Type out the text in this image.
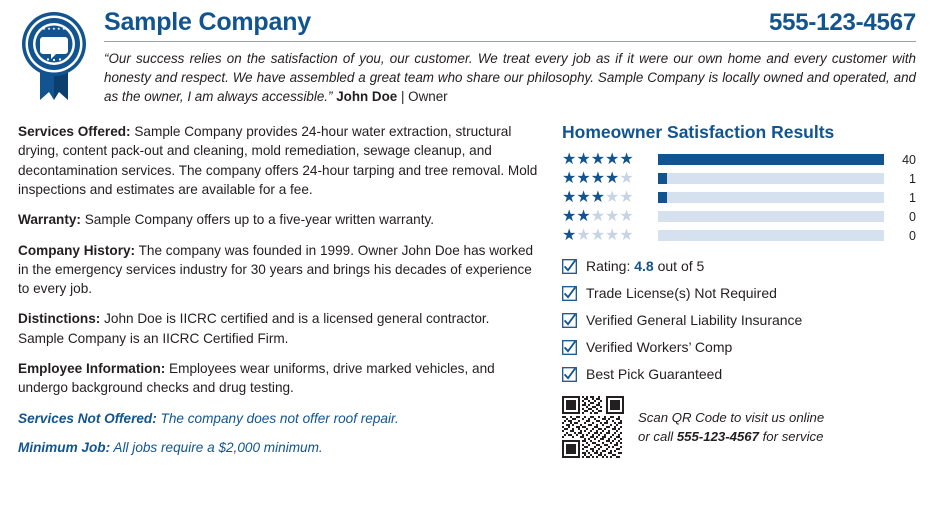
★ ★ ★ ★ ★ Sample Company	555-123-4567
“Our success relies on the satisfaction of you, our customer. We treat every job as if it were our own home and every customer with honesty and respect. We have assembled a great team who share our philosophy. Sample Company is locally owned and operated, and as the owner, I am always accessible.” John Doe | Owner
Services Offered: Sample Company provides 24-hour water extraction, structural drying, content pack-out and cleaning, mold remediation, sewage cleanup, and decontamination services. The company offers 24-hour tarping and tree removal. Mold inspections and estimates are available for a fee.
Warranty: Sample Company offers up to a five-year written warranty.
Company History: The company was founded in 1999. Owner John Doe has worked in the emergency services industry for 30 years and brings his decades of experience to every job.
Distinctions: John Doe is IICRC certified and is a licensed general contractor. Sample Company is an IICRC Certified Firm.
Employee Information: Employees wear uniforms, drive marked vehicles, and undergo background checks and drug testing.
Services Not Offered: The company does not offer roof repair.
Minimum Job: All jobs require a $2,000 minimum.
Homeowner Satisfaction Results
★★★★★	40
★★★★★	1
★★★★★	1
★★★★★	0
★★★★★	0
Rating: 4.8 out of 5
Trade License(s) Not Required
Verified General Liability Insurance
Verified Workers’ Comp
Best Pick Guaranteed
Scan QR Code to visit us online
or call 555-123-4567 for service
